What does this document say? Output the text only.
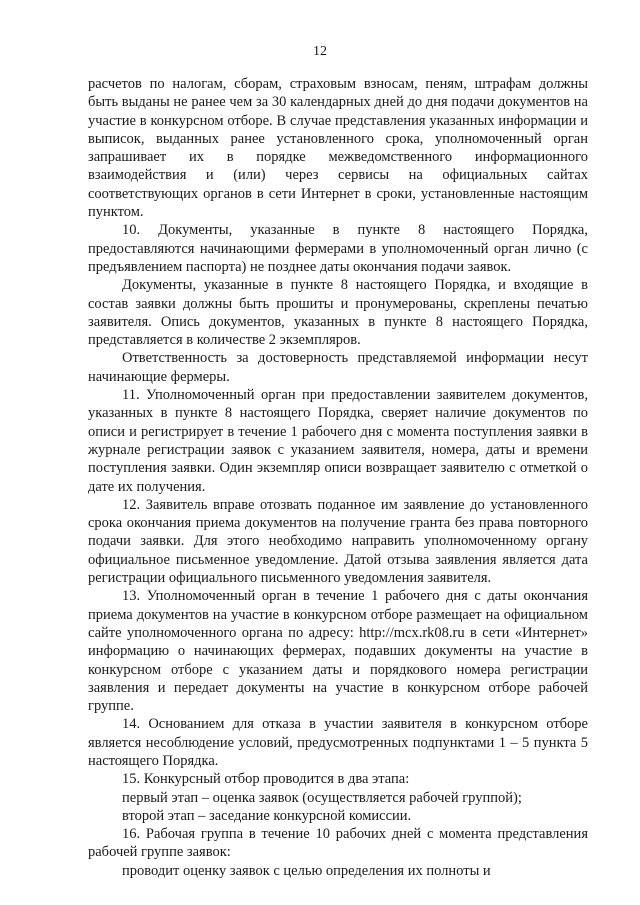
12

расчетов по налогам, сборам, страховым взносам, пеням, штрафам должны быть выданы не ранее чем за 30 календарных дней до дня подачи документов на участие в конкурсном отборе. В случае представления указанных информации и выписок, выданных ранее установленного срока, уполномоченный орган запрашивает их в порядке межведомственного информационного взаимодействия и (или) через сервисы на официальных сайтах соответствующих органов в сети Интернет в сроки, установленные настоящим пунктом.

10. Документы, указанные в пункте 8 настоящего Порядка, предоставляются начинающими фермерами в уполномоченный орган лично (с предъявлением паспорта) не позднее даты окончания подачи заявок.

Документы, указанные в пункте 8 настоящего Порядка, и входящие в состав заявки должны быть прошиты и пронумерованы, скреплены печатью заявителя. Опись документов, указанных в пункте 8 настоящего Порядка, представляется в количестве 2 экземпляров.

Ответственность за достоверность представляемой информации несут начинающие фермеры.

11. Уполномоченный орган при предоставлении заявителем документов, указанных в пункте 8 настоящего Порядка, сверяет наличие документов по описи и регистрирует в течение 1 рабочего дня с момента поступления заявки в журнале регистрации заявок с указанием заявителя, номера, даты и времени поступления заявки. Один экземпляр описи возвращает заявителю с отметкой о дате их получения.

12. Заявитель вправе отозвать поданное им заявление до установленного срока окончания приема документов на получение гранта без права повторного подачи заявки. Для этого необходимо направить уполномоченному органу официальное письменное уведомление. Датой отзыва заявления является дата регистрации официального письменного уведомления заявителя.

13. Уполномоченный орган в течение 1 рабочего дня с даты окончания приема документов на участие в конкурсном отборе размещает на официальном сайте уполномоченного органа по адресу: http://mcx.rk08.ru в сети «Интернет» информацию о начинающих фермерах, подавших документы на участие в конкурсном отборе с указанием даты и порядкового номера регистрации заявления и передает документы на участие в конкурсном отборе рабочей группе.

14. Основанием для отказа в участии заявителя в конкурсном отборе является несоблюдение условий, предусмотренных подпунктами 1 – 5 пункта 5 настоящего Порядка.

15. Конкурсный отбор проводится в два этапа:

первый этап – оценка заявок (осуществляется рабочей группой);

второй этап – заседание конкурсной комиссии.

16. Рабочая группа в течение 10 рабочих дней с момента представления рабочей группе заявок:

проводит оценку заявок с целью определения их полноты и
